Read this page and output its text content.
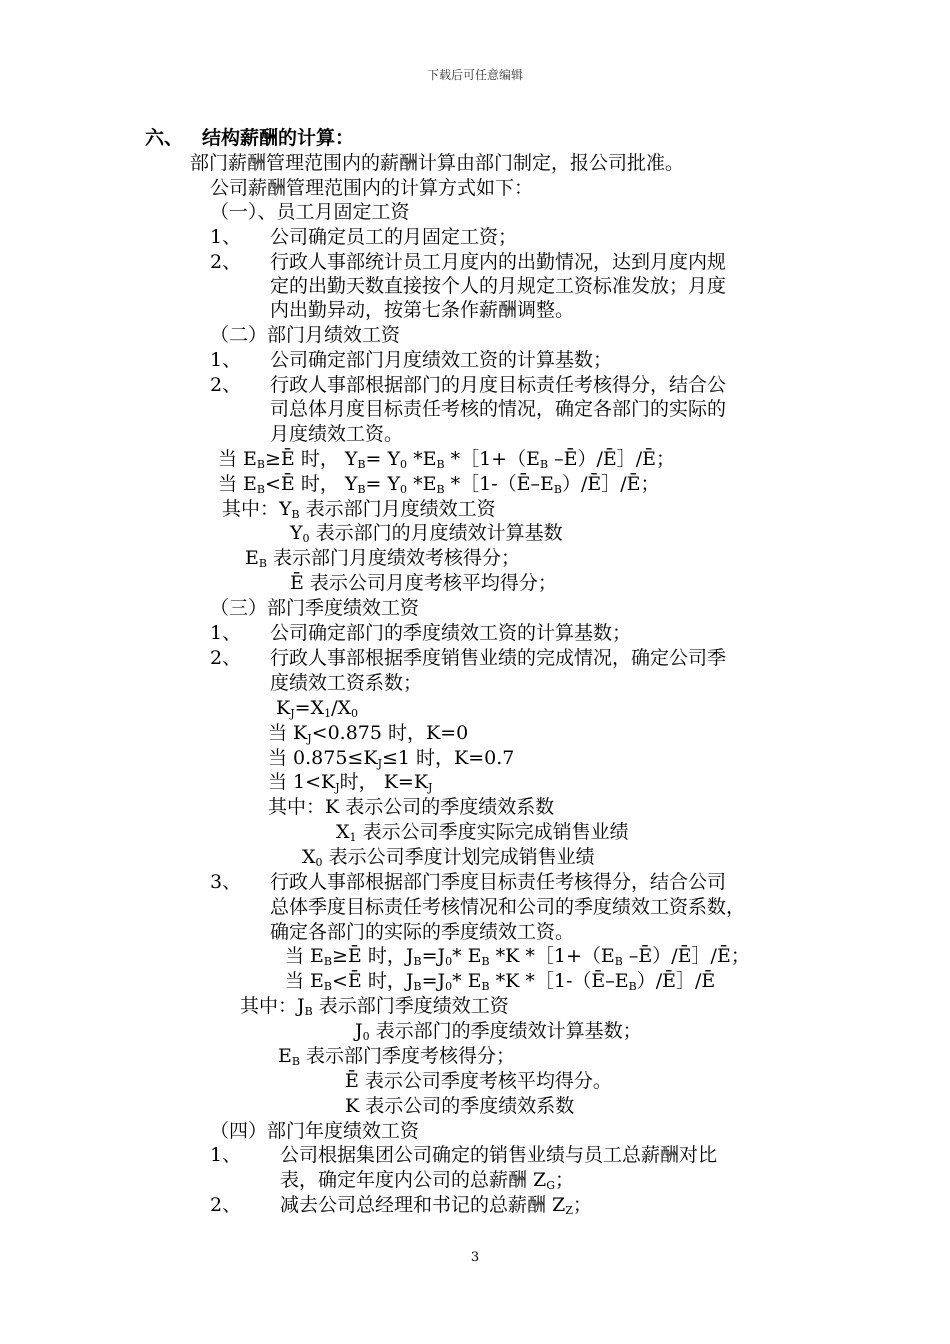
下载后可任意编辑
六、 结构薪酬的计算：
部门薪酬管理范围内的薪酬计算由部门制定，报公司批准。
公司薪酬管理范围内的计算方式如下：
（一）、员工月固定工资
1、 公司确定员工的月固定工资；
2、 行政人事部统计员工月度内的出勤情况，达到月度内规
定的出勤天数直接按个人的月规定工资标准发放；月度
内出勤异动，按第七条作薪酬调整。
（二）部门月绩效工资
1、 公司确定部门月度绩效工资的计算基数；
2、 行政人事部根据部门的月度目标责任考核得分，结合公
司总体月度目标责任考核的情况，确定各部门的实际的
月度绩效工资。
当 $E_B\ge Ē$ 时， $Y_B= Y_0$ $*E_B$ $*[1+(E_B$ –Ē）/Ē］/Ē；
当 $E_B<Ē$ 时， $Y_B= Y_0$ $*E_B$ $*[1-(Ē-E_B)/Ē]/Ē$；
其中：$Y_B$ 表示部门月度绩效工资
$Y_0$ 表示部门的月度绩效计算基数
$E_B$ 表示部门月度绩效考核得分；
Ē 表示公司月度考核平均得分；
（三）部门季度绩效工资
1、 公司确定部门的季度绩效工资的计算基数；
2、 行政人事部根据季度销售业绩的完成情况，确定公司季
度绩效工资系数；
$K_J=X_1/X_0$
当 $K_J<0.875$ 时，K=0
当 $0.875\le K_J\le 1$ 时，K=0.7
当 $1<K_J$时， $K=K_J$
其中：K 表示公司的季度绩效系数
$X_1$ 表示公司季度实际完成销售业绩
$X_0$ 表示公司季度计划完成销售业绩
3、 行政人事部根据部门季度目标责任考核得分，结合公司
总体季度目标责任考核情况和公司的季度绩效工资系数，
确定各部门的实际的季度绩效工资。
当 $E_B\ge Ē$ 时，$J_B=J_0*$ $E_B$ *K $*[1+(E_B$ –Ē）/Ē］/Ē；
当 $E_B<Ē$ 时，$J_B=J_0*$ $E_B$ *K $*[1-(Ē-E_B)/Ē]/Ē$
其中：$J_B$ 表示部门季度绩效工资
$J_0$ 表示部门的季度绩效计算基数；
$E_B$ 表示部门季度考核得分；
Ē 表示公司季度考核平均得分。
K 表示公司的季度绩效系数
（四）部门年度绩效工资
1、 公司根据集团公司确定的销售业绩与员工总薪酬对比
表，确定年度内公司的总薪酬 $Z_G$；
2、 减去公司总经理和书记的总薪酬 $Z_Z$；
3
